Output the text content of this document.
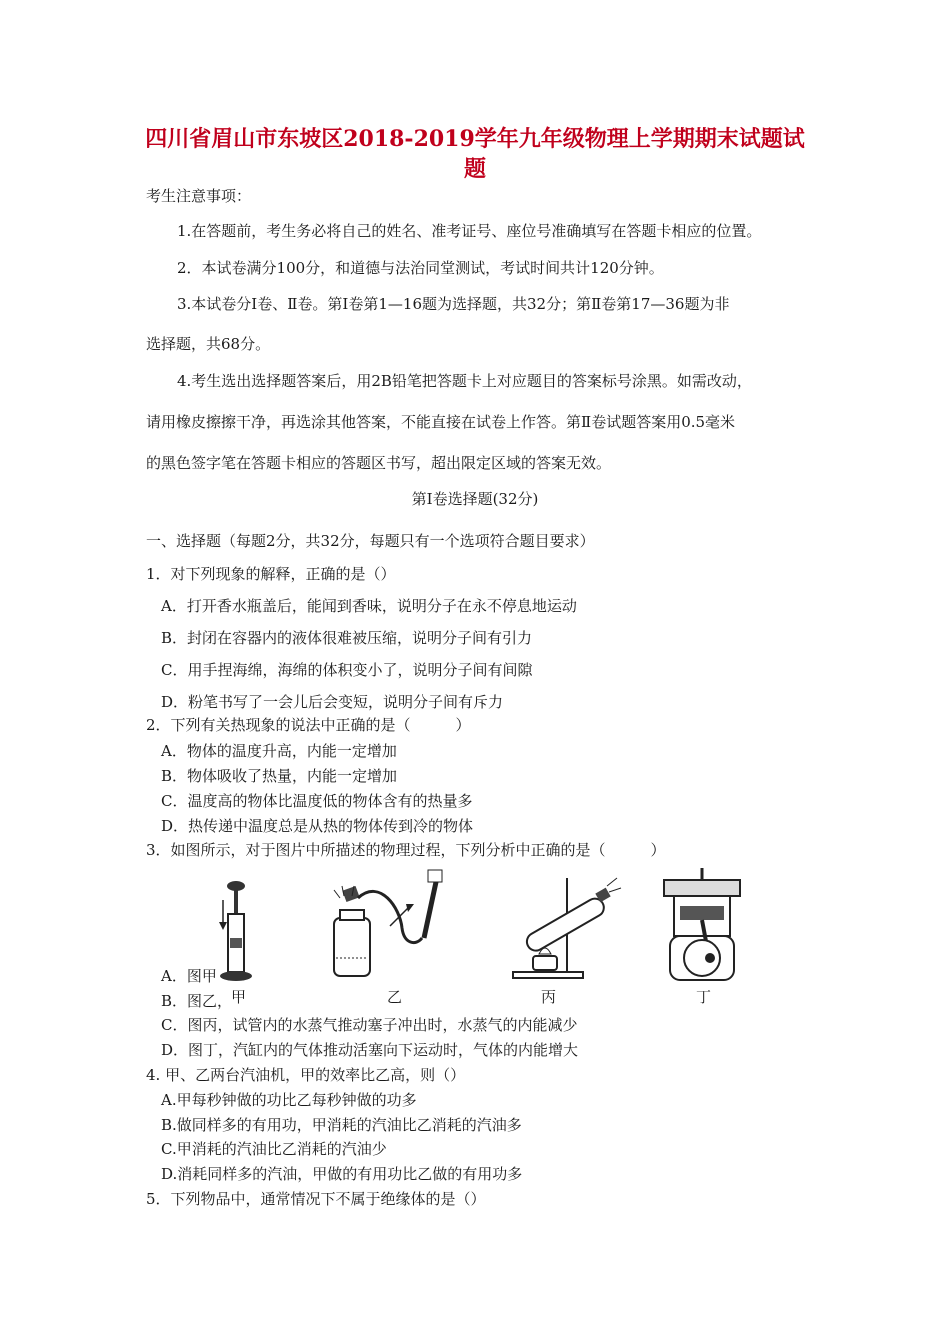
四川省眉山市东坡区2018-2019学年九年级物理上学期期末试题试
题
考生注意事项：
1.在答题前，考生务必将自己的姓名、准考证号、座位号准确填写在答题卡相应的位置。
2．本试卷满分100分，和道德与法治同堂测试，考试时间共计120分钟。
3.本试卷分Ⅰ卷、Ⅱ卷。第Ⅰ卷第1—16题为选择题，共32分；第Ⅱ卷第17—36题为非
选择题，共68分。
4.考生选出选择题答案后，用2B铅笔把答题卡上对应题目的答案标号涂黑。如需改动，
请用橡皮擦擦干净，再选涂其他答案，不能直接在试卷上作答。第Ⅱ卷试题答案用0.5毫米
的黑色签字笔在答题卡相应的答题区书写，超出限定区域的答案无效。
第Ⅰ卷选择题(32分)
一、选择题（每题2分，共32分，每题只有一个选项符合题目要求）
1．对下列现象的解释，正确的是（）
A．打开香水瓶盖后，能闻到香味，说明分子在永不停息地运动
B．封闭在容器内的液体很难被压缩，说明分子间有引力
C．用手捏海绵，海绵的体积变小了，说明分子间有间隙
D．粉笔书写了一会儿后会变短，说明分子间有斥力
2．下列有关热现象的说法中正确的是（　　　）
A．物体的温度升高，内能一定增加
B．物体吸收了热量，内能一定增加
C．温度高的物体比温度低的物体含有的热量多
D．热传递中温度总是从热的物体传到冷的物体
3．如图所示，对于图片中所描述的物理过程，下列分析中正确的是（　　　）
A．图甲
B．图乙，
C．图丙，试管内的水蒸气推动塞子冲出时，水蒸气的内能减少
D．图丁，汽缸内的气体推动活塞向下运动时，气体的内能增大
甲	乙	丙	丁
4. 甲、乙两台汽油机，甲的效率比乙高，则（）
A.甲每秒钟做的功比乙每秒钟做的功多
B.做同样多的有用功，甲消耗的汽油比乙消耗的汽油多
C.甲消耗的汽油比乙消耗的汽油少
D.消耗同样多的汽油，甲做的有用功比乙做的有用功多
5．下列物品中，通常情况下不属于绝缘体的是（）
